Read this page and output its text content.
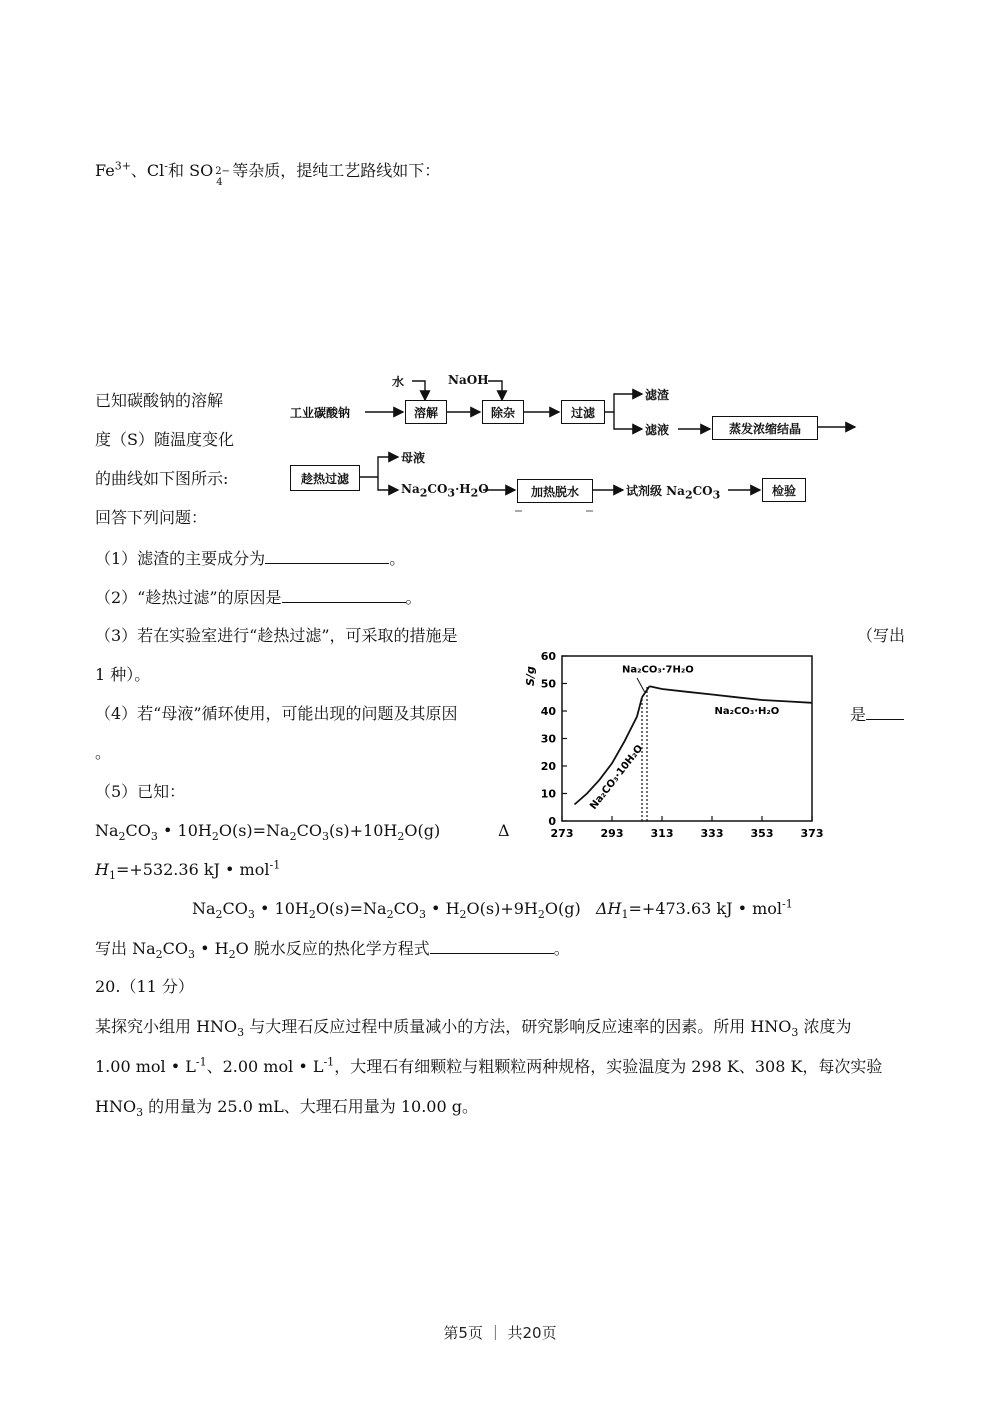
$Fe^{3+}$、Cl-和 SO 2−
4
等杂质，提纯工艺路线如下：
已知碳酸钠的溶解
度（S）随温度变化
的曲线如下图所示:
回答下列问题：
水	NaOH
工业碳酸钠	溶解	除杂	过滤
滤渣
滤液	蒸发浓缩结晶
趁热过滤
母液
$Na_2CO_3\cdot H_2O$	加热脱水	试剂级 $Na_2CO_3$	检验
（1）滤渣的主要成分为	。
（2）“趁热过滤”的原因是	。
（3）若在实验室进行“趁热过滤”，可采取的措施是	（写出
1 种）。
（4）若“母液”循环使用，可能出现的问题及其原因	是
。
（5）已知：
$Na_2CO_3$ • $10H_2O(s)=Na_2CO_3(s)+10H_2O(g)$	Δ
$H_1=+532.36$ kJ • mol$^{-1}$
$Na_2CO_3$ • $10H_2O(s)=Na_2CO_3$ • $H_2O(s)+9H_2O(g)$ $\Delta H_1=+473.63$ kJ • mol$^{-1}$
写出 $Na_2CO_3$ • $H_2O$ 脱水反应的热化学方程式	。
20.（11 分）
某探究小组用 $HNO_3$ 与大理石反应过程中质量减小的方法，研究影响反应速率的因素。所用 $HNO_3$ 浓度为
1.00 mol • $L^{-1}$、2.00 mol • $L^{-1}$，大理石有细颗粒与粗颗粒两种规格，实验温度为 298 K、308 K，每次实验
$HNO_3$ 的用量为 25.0 mL、大理石用量为 10.00 g。
0
10
20
30
40
50
60
273 293 313 333 353 373
S/g	Na₂CO₃·7H₂O
Na₂CO₃·H₂O
Na₂CO₃·10H₂O
第5页 ｜ 共20页
